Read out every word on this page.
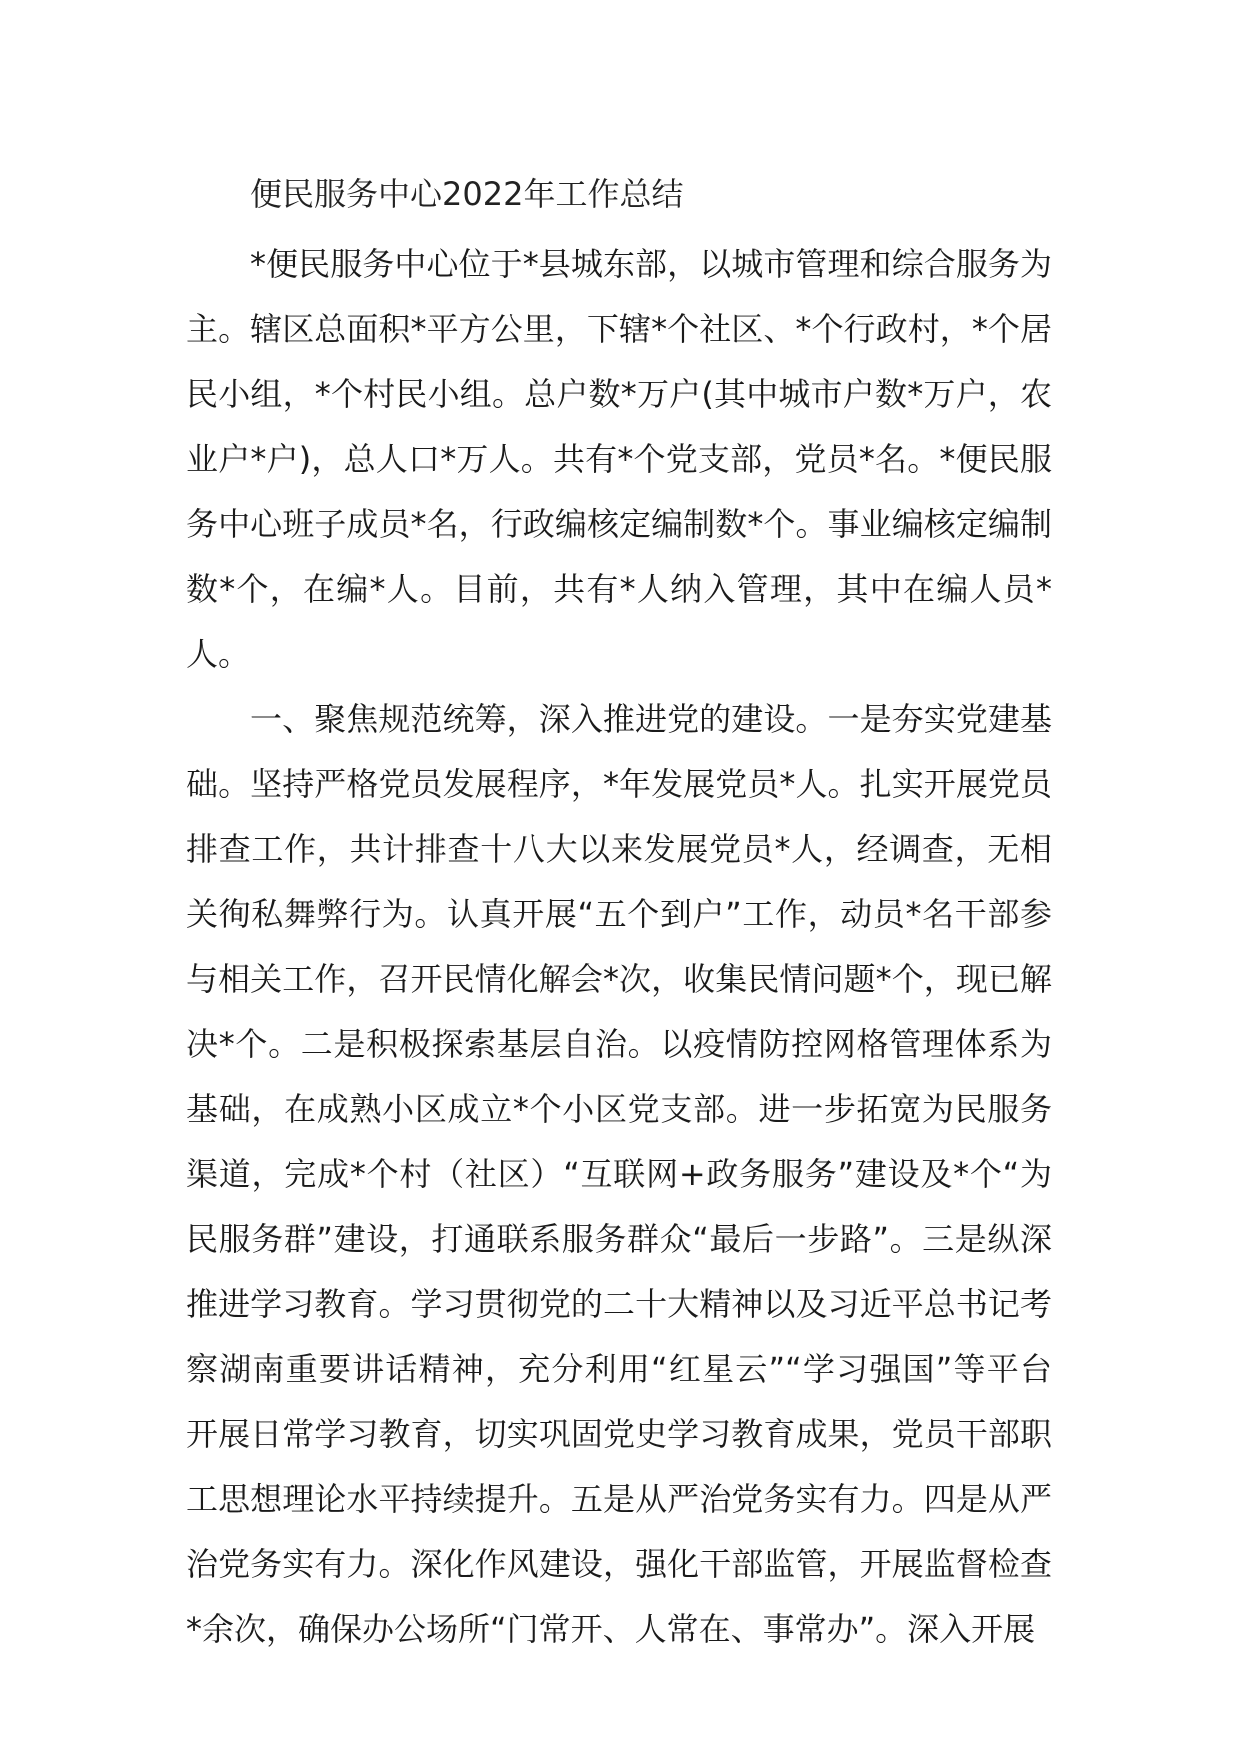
便民服务中心2022年工作总结

*便民服务中心位于*县城东部，以城市管理和综合服务为主。辖区总面积*平方公里，下辖*个社区、*个行政村，*个居民小组，*个村民小组。总户数*万户(其中城市户数*万户，农业户*户)，总人口*万人。共有*个党支部，党员*名。*便民服务中心班子成员*名，行政编核定编制数*个。事业编核定编制数*个，在编*人。目前，共有*人纳入管理，其中在编人员*人。

一、聚焦规范统筹，深入推进党的建设。一是夯实党建基础。坚持严格党员发展程序，*年发展党员*人。扎实开展党员排查工作，共计排查十八大以来发展党员*人，经调查，无相关徇私舞弊行为。认真开展“五个到户”工作，动员*名干部参与相关工作，召开民情化解会*次，收集民情问题*个，现已解决*个。二是积极探索基层自治。以疫情防控网格管理体系为基础，在成熟小区成立*个小区党支部。进一步拓宽为民服务渠道，完成*个村（社区）“互联网+政务服务”建设及*个“为民服务群”建设，打通联系服务群众“最后一步路”。三是纵深推进学习教育。学习贯彻党的二十大精神以及习近平总书记考察湖南重要讲话精神，充分利用“红星云”“学习强国”等平台开展日常学习教育，切实巩固党史学习教育成果，党员干部职工思想理论水平持续提升。五是从严治党务实有力。四是从严治党务实有力。深化作风建设，强化干部监管，开展监督检查*余次，确保办公场所“门常开、人常在、事常办”。深入开展
